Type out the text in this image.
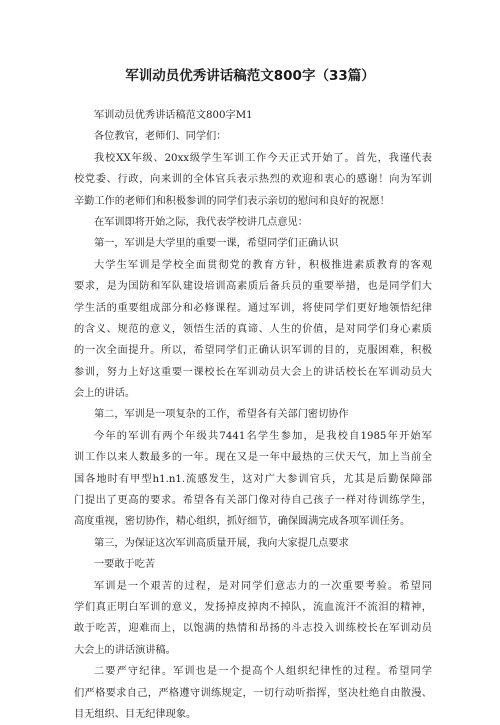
军训动员优秀讲话稿范文800字（33篇）
军训动员优秀讲话稿范文800字M1
各位教官，老师们、同学们：
我校XX年级、20xx级学生军训工作今天正式开始了。首先，我谨代表
校党委、行政，向来训的全体官兵表示热烈的欢迎和衷心的感谢！向为军训
辛勤工作的老师们和积极参训的同学们表示亲切的慰问和良好的祝愿！
在军训即将开始之际，我代表学校讲几点意见：
第一，军训是大学里的重要一课，希望同学们正确认识
大学生军训是学校全面贯彻党的教育方针，积极推进素质教育的客观
要求，是为国防和军队建设培训高素质后备兵员的重要举措，也是同学们大
学生活的重要组成部分和必修课程。通过军训，将使同学们更好地领悟纪律
的含义、规范的意义，领悟生活的真谛、人生的价值，是对同学们身心素质
的一次全面提升。所以，希望同学们正确认识军训的目的，克服困难，积极
参训，努力上好这重要一课校长在军训动员大会上的讲话校长在军训动员大
会上的讲话。
第二，军训是一项复杂的工作，希望各有关部门密切协作
今年的军训有两个年级共7441名学生参加，是我校自1985年开始军
训工作以来人数最多的一年。现在又是一年中最热的三伏天气，加上当前全
国各地时有甲型h1.n1.流感发生，这对广大参训官兵，尤其是后勤保障部
门提出了更高的要求。希望各有关部门像对待自己孩子一样对待训练学生，
高度重视，密切协作，精心组织，抓好细节，确保圆满完成各项军训任务。
第三，为保证这次军训高质量开展，我向大家提几点要求
一要敢于吃苦
军训是一个艰苦的过程，是对同学们意志力的一次重要考验。希望同
学们真正明白军训的意义，发扬掉皮掉肉不掉队，流血流汗不流泪的精神，
敢于吃苦，迎难而上，以饱满的热情和昂扬的斗志投入训练校长在军训动员
大会上的讲话演讲稿。
二要严守纪律。军训也是一个提高个人组织纪律性的过程。希望同学
们严格要求自己，严格遵守训练规定，一切行动听指挥，坚决杜绝自由散漫、
目无组织、目无纪律现象。
